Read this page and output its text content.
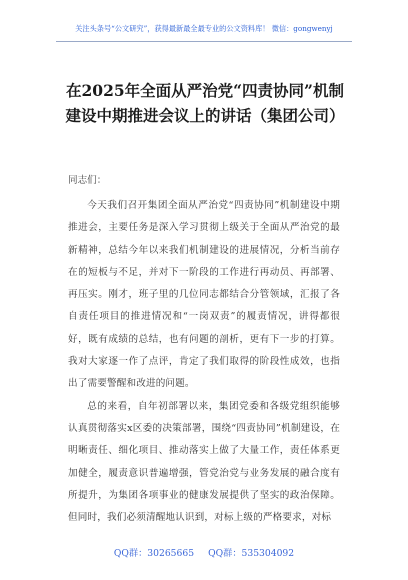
关注头条号“公文研究”，获得最新最全最专业的公文资料库！ 微信：gongwenyj
在2025年全面从严治党“四责协同”机制建设中期推进会议上的讲话（集团公司）

同志们：

今天我们召开集团全面从严治党“四责协同”机制建设中期推进会，主要任务是深入学习贯彻上级关于全面从严治党的最新精神，总结今年以来我们机制建设的进展情况，分析当前存在的短板与不足，并对下一阶段的工作进行再动员、再部署、再压实。刚才，班子里的几位同志都结合分管领域，汇报了各自责任项目的推进情况和“一岗双责”的履责情况，讲得都很好，既有成绩的总结，也有问题的剖析，更有下一步的打算。我对大家逐一作了点评，肯定了我们取得的阶段性成效，也指出了需要警醒和改进的问题。

总的来看，自年初部署以来，集团党委和各级党组织能够认真贯彻落实x区委的决策部署，围绕“四责协同”机制建设，在明晰责任、细化项目、推动落实上做了大量工作，责任体系更加健全，履责意识普遍增强，管党治党与业务发展的融合度有所提升，为集团各项事业的健康发展提供了坚实的政治保障。但同时，我们必须清醒地认识到，对标上级的严格要求，对标

QQ群：30265665 QQ群：535304092
